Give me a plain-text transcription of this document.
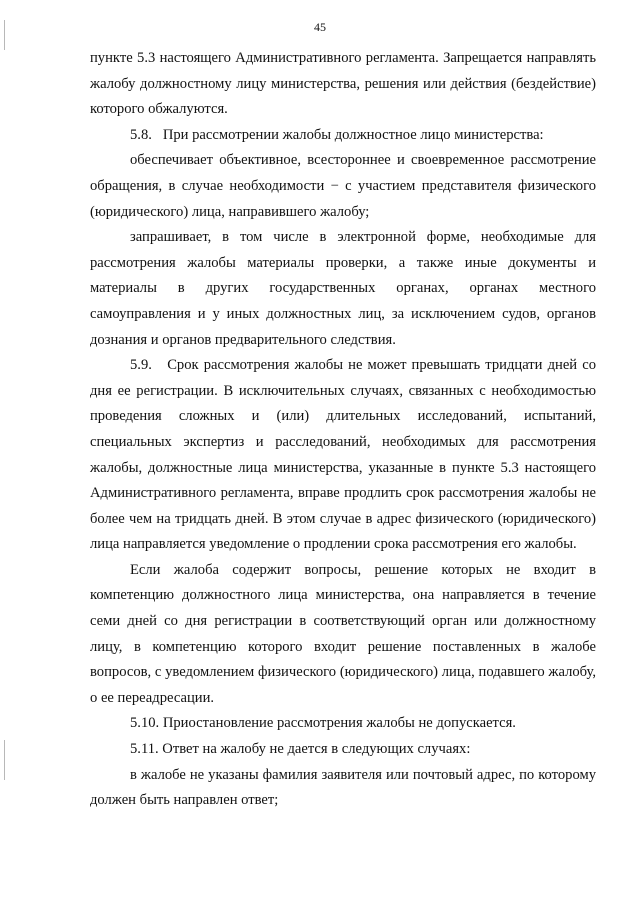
45

пункте 5.3 настоящего Административного регламента. Запрещается направлять жалобу должностному лицу министерства, решения или действия (бездействие) которого обжалуются.

5.8.   При рассмотрении жалобы должностное лицо министерства:

обеспечивает объективное, всестороннее и своевременное рассмотрение обращения, в случае необходимости − с участием представителя физического (юридического) лица, направившего жалобу;

запрашивает, в том числе в электронной форме, необходимые для рассмотрения жалобы материалы проверки, а также иные документы и материалы в других государственных органах, органах местного самоуправления и у иных должностных лиц, за исключением судов, органов дознания и органов предварительного следствия.

5.9.   Срок рассмотрения жалобы не может превышать тридцати дней со дня ее регистрации. В исключительных случаях, связанных с необходимостью проведения сложных и (или) длительных исследований, испытаний, специальных экспертиз и расследований, необходимых для рассмотрения жалобы, должностные лица министерства, указанные в пункте 5.3 настоящего Административного регламента, вправе продлить срок рассмотрения жалобы не более чем на тридцать дней. В этом случае в адрес физического (юридического) лица направляется уведомление о продлении срока рассмотрения его жалобы.

Если жалоба содержит вопросы, решение которых не входит в компетенцию должностного лица министерства, она направляется в течение семи дней со дня регистрации в соответствующий орган или должностному лицу, в компетенцию которого входит решение поставленных в жалобе вопросов, с уведомлением физического (юридического) лица, подавшего жалобу, о ее переадресации.

5.10. Приостановление рассмотрения жалобы не допускается.

5.11. Ответ на жалобу не дается в следующих случаях:

в жалобе не указаны фамилия заявителя или почтовый адрес, по которому должен быть направлен ответ;
